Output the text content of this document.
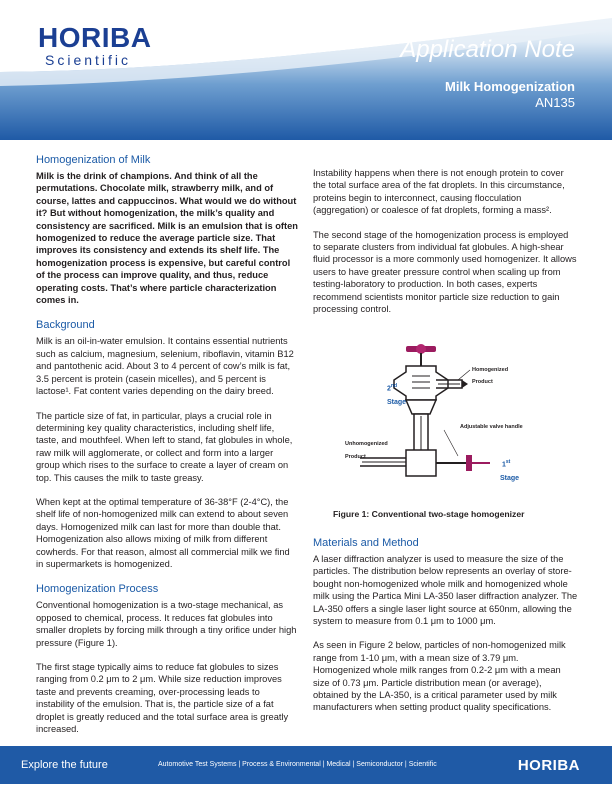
HORIBA
Scientific	Application Note
Milk Homogenization
AN135
Homogenization of Milk

Milk is the drink of champions. And think of all the permutations. Chocolate milk, strawberry milk, and of course, lattes and cappuccinos. What would we do without it? But without homogenization, the milk’s quality and consistency are sacrificed. Milk is an emulsion that is often homogenized to reduce the average particle size. That improves its consistency and extends its shelf life. The homogenization process is expensive, but careful control of the process can improve quality, and thus, reduce operating costs. That’s where particle characterization comes in.

Background

Milk is an oil-in-water emulsion. It contains essential nutrients such as calcium, magnesium, selenium, riboflavin, vitamin B12 and pantothenic acid. About 3 to 4 percent of cow’s milk is fat, 3.5 percent is protein (casein micelles), and 5 percent is lactose¹. Fat content varies depending on the dairy breed.

The particle size of fat, in particular, plays a crucial role in determining key quality characteristics, including shelf life, taste, and mouthfeel. When left to stand, fat globules in whole, raw milk will agglomerate, or collect and form into a larger group which rises to the surface to create a layer of cream on top. This causes the milk to taste greasy.

When kept at the optimal temperature of 36-38°F (2-4°C), the shelf life of non-homogenized milk can extend to about seven days. Homogenized milk can last for more than double that. Homogenization also allows mixing of milk from different cowherds. For that reason, almost all commercial milk we find in supermarkets is homogenized.

Homogenization Process

Conventional homogenization is a two-stage mechanical, as opposed to chemical, process. It reduces fat globules into smaller droplets by forcing milk through a tiny orifice under high pressure (Figure 1).

The first stage typically aims to reduce fat globules to sizes ranging from 0.2 μm to 2 μm. While size reduction improves taste and prevents creaming, over-processing leads to instability of the emulsion. That is, the particle size of a fat droplet is greatly reduced and the total surface area is greatly increased.

Instability happens when there is not enough protein to cover the total surface area of the fat droplets. In this circumstance, proteins begin to interconnect, causing flocculation (aggregation) or coalesce of fat droplets, forming a mass².

The second stage of the homogenization process is employed to separate clusters from individual fat globules. A high-shear fluid processor is a more commonly used homogenizer. It allows users to have greater pressure control when scaling up from testing-laboratory to production. In both cases, experts recommend scientists monitor particle size reduction to gain processing control.

Homogenized
Product
2nd
Stage
Adjustable valve handle
Unhomogenized
Product
1st
Stage
Figure 1: Conventional two-stage homogenizer
Materials and Method

A laser diffraction analyzer is used to measure the size of the particles. The distribution below represents an overlay of store-bought non-homogenized whole milk and homogenized whole milk using the Partica Mini LA-350 laser diffraction analyzer. The LA-350 offers a single laser light source at 650nm, allowing the system to measure from 0.1 μm to 1000 μm.

As seen in Figure 2 below, particles of non-homogenized milk range from 1-10 μm, with a mean size of 3.79 μm. Homogenized whole milk ranges from 0.2-2 μm with a mean size of 0.73 μm. Particle distribution mean (or average), obtained by the LA-350, is a critical parameter used by milk manufacturers when setting product quality specifications.

Explore the future	Automotive Test Systems | Process & Environmental | Medical | Semiconductor | Scientific	HORIBA
